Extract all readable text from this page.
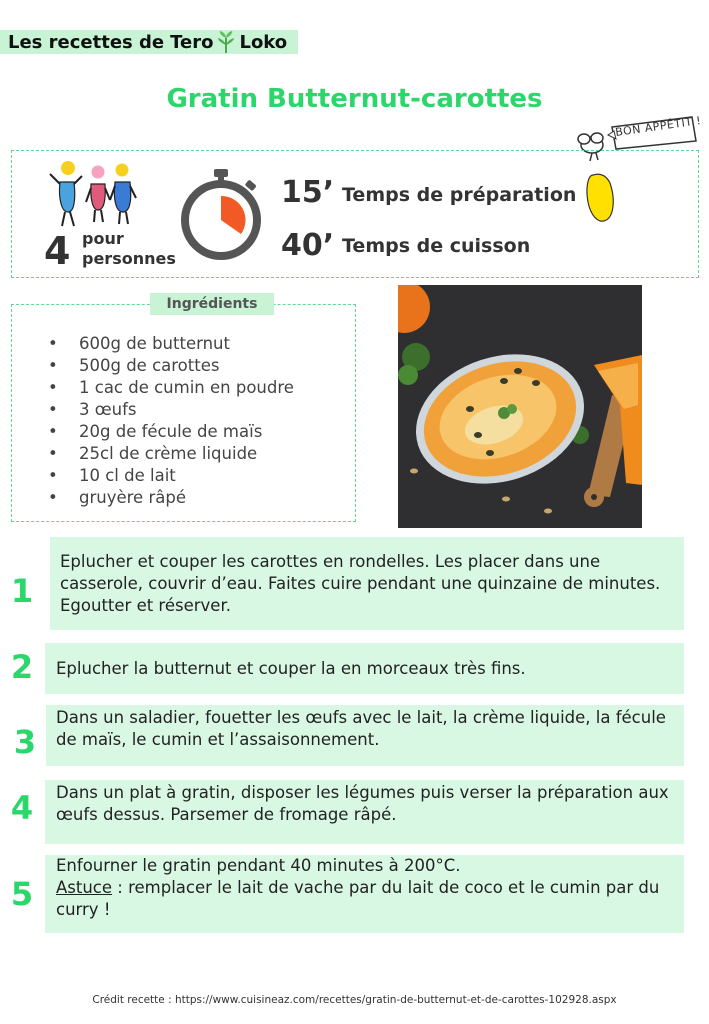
Les recettes de Tero Loko
Gratin Butternut-carottes
BON APPÉTIT !
4 pour
personnes
15’ Temps de préparation
40’ Temps de cuisson
Ingrédients
• 600g de butternut
• 500g de carottes
• 1 cac de cumin en poudre
• 3 œufs
• 20g de fécule de maïs
• 25cl de crème liquide
• 10 cl de lait
• gruyère râpé
1
Eplucher et couper les carottes en rondelles. Les placer dans une casserole, couvrir d’eau. Faites cuire pendant une quinzaine de minutes. Egoutter et réserver.
2	Eplucher la butternut et couper la en morceaux très fins.
3
Dans un saladier, fouetter les œufs avec le lait, la crème liquide, la fécule de maïs, le cumin et l’assaisonnement.
4	Dans un plat à gratin, disposer les légumes puis verser la préparation aux œufs dessus. Parsemer de fromage râpé.
5
Enfourner le gratin pendant 40 minutes à 200°C.
Astuce : remplacer le lait de vache par du lait de coco et le cumin par du curry !
Crédit recette : https://www.cuisineaz.com/recettes/gratin-de-butternut-et-de-carottes-102928.aspx
